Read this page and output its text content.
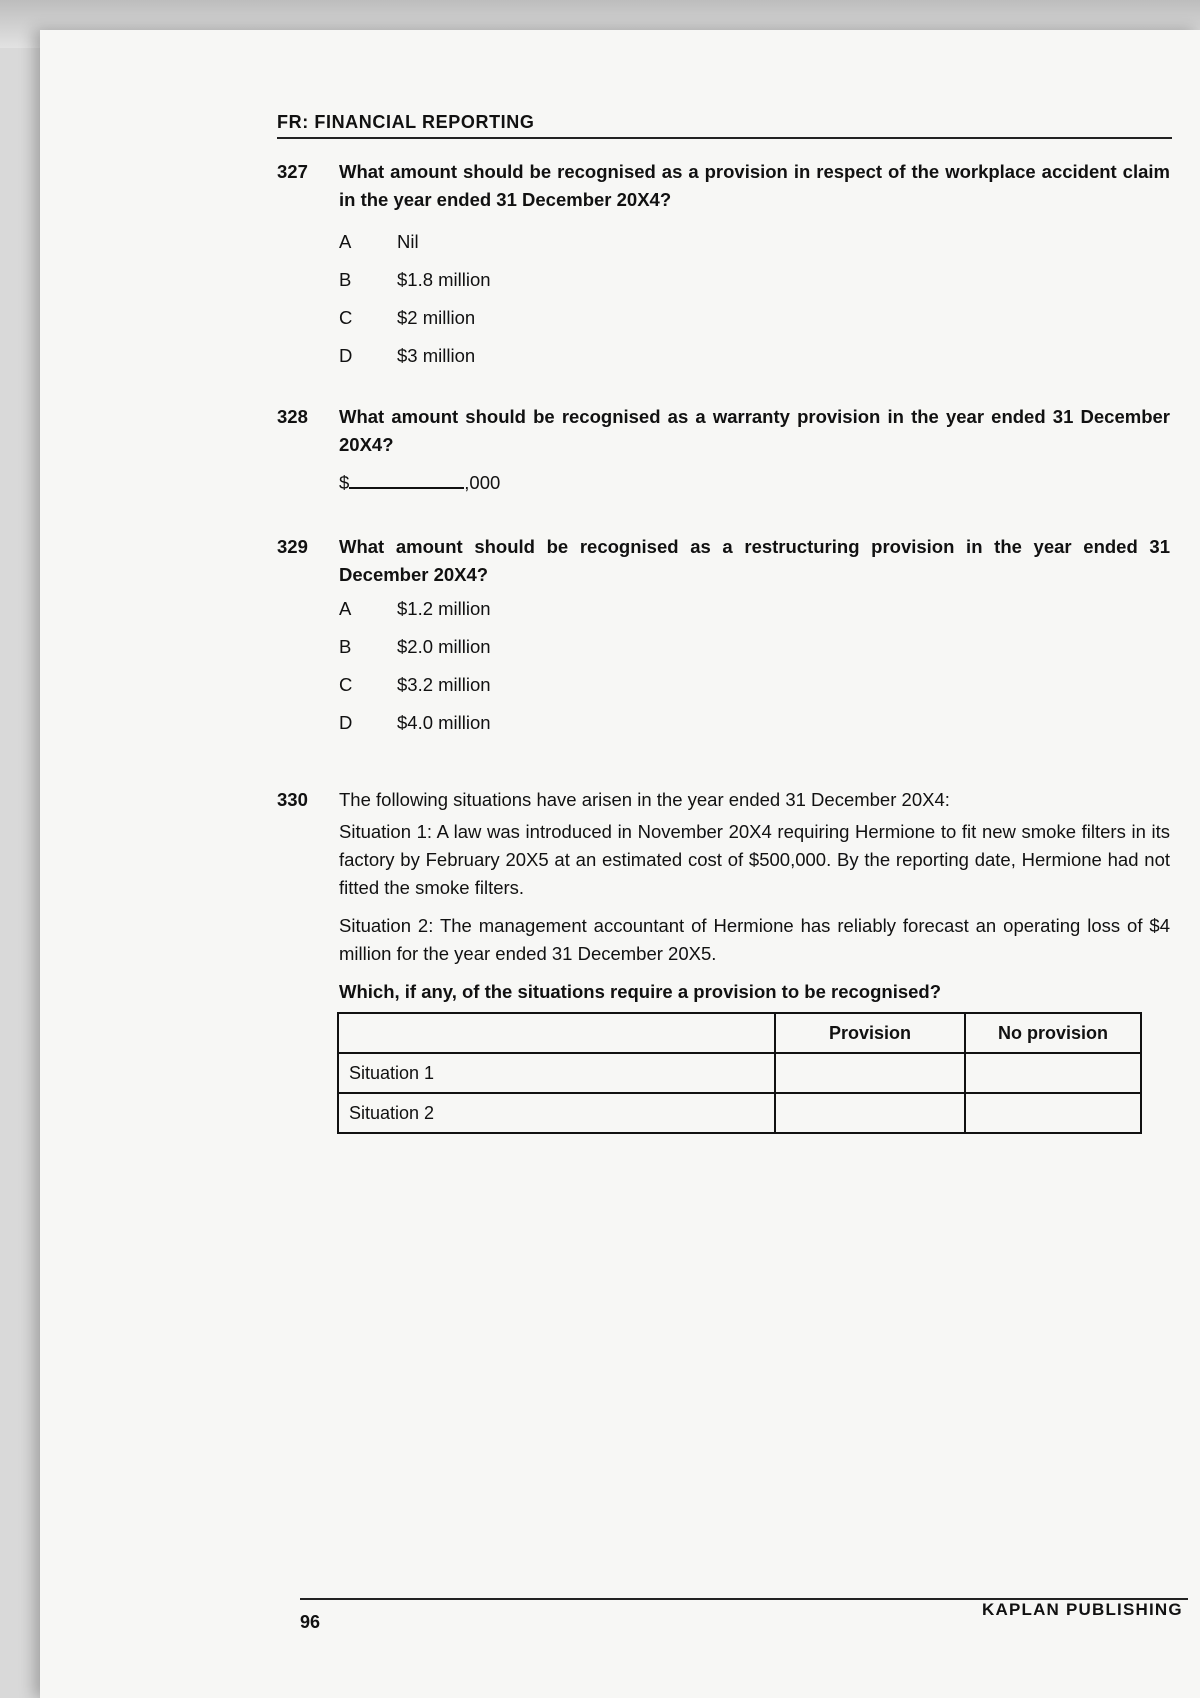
FR: FINANCIAL REPORTING
327 What amount should be recognised as a provision in respect of the workplace accident claim in the year ended 31 December 20X4?
A Nil
B $1.8 million
C $2 million
D $3 million
328 What amount should be recognised as a warranty provision in the year ended 31 December 20X4?
$	,000
329 What amount should be recognised as a restructuring provision in the year ended 31 December 20X4?
A $1.2 million
B $2.0 million
C $3.2 million
D $4.0 million
330 The following situations have arisen in the year ended 31 December 20X4:

Situation 1: A law was introduced in November 20X4 requiring Hermione to fit new smoke filters in its factory by February 20X5 at an estimated cost of $500,000. By the reporting date, Hermione had not fitted the smoke filters.

Situation 2: The management accountant of Hermione has reliably forecast an operating loss of $4 million for the year ended 31 December 20X5.

Which, if any, of the situations require a provision to be recognised?
	Provision	No provision
Situation 1		
Situation 2		
96
KAPLAN PUBLISHING
